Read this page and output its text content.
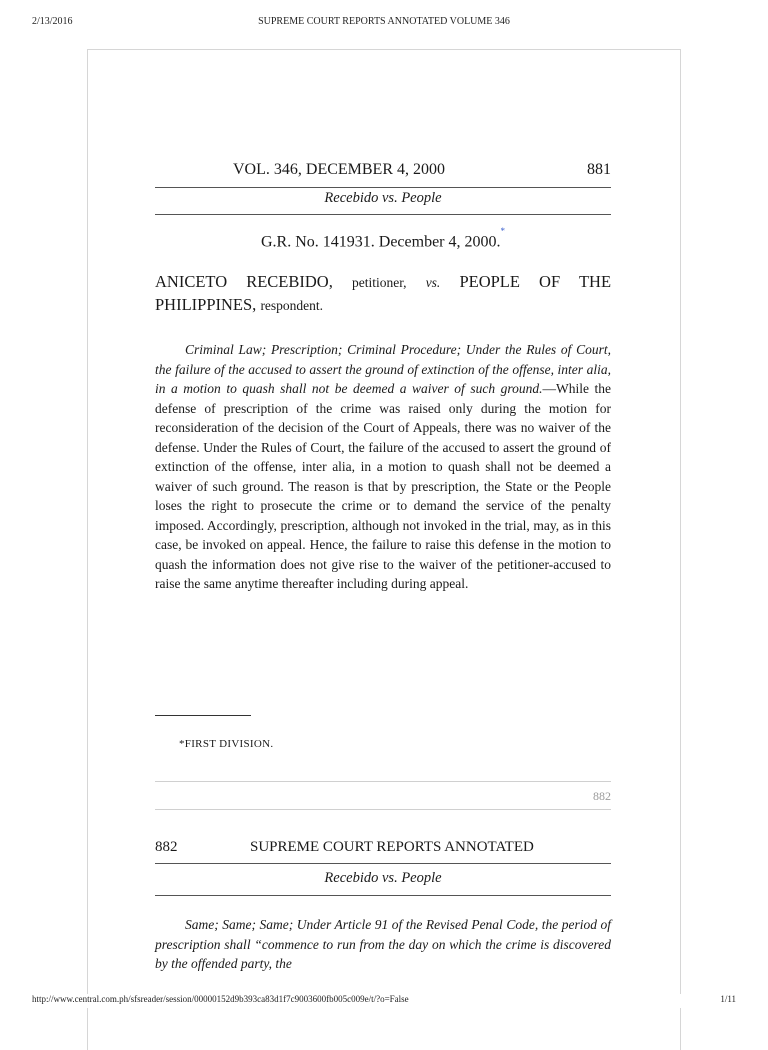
2/13/2016	SUPREME COURT REPORTS ANNOTATED VOLUME 346
VOL. 346, DECEMBER 4, 2000	881
Recebido vs. People
G.R. No. 141931. December 4, 2000.*
ANICETO RECEBIDO, petitioner, vs. PEOPLE OF THE PHILIPPINES, respondent.

Criminal Law; Prescription; Criminal Procedure; Under the Rules of Court, the failure of the accused to assert the ground of extinction of the offense, inter alia, in a motion to quash shall not be deemed a waiver of such ground.—While the defense of prescription of the crime was raised only during the motion for reconsideration of the decision of the Court of Appeals, there was no waiver of the defense. Under the Rules of Court, the failure of the accused to assert the ground of extinction of the offense, inter alia, in a motion to quash shall not be deemed a waiver of such ground. The reason is that by prescription, the State or the People loses the right to prosecute the crime or to demand the service of the penalty imposed. Accordingly, prescription, although not invoked in the trial, may, as in this case, be invoked on appeal. Hence, the failure to raise this defense in the motion to quash the information does not give rise to the waiver of the petitioner-accused to raise the same anytime thereafter including during appeal.

*FIRST DIVISION.
882
882	SUPREME COURT REPORTS ANNOTATED
Recebido vs. People

Same; Same; Same; Under Article 91 of the Revised Penal Code, the period of prescription shall “commence to run from the day on which the crime is discovered by the offended party, the

http://www.central.com.ph/sfsreader/session/00000152d9b393ca83d1f7c9003600fb005c009e/t/?o=False	1/11
